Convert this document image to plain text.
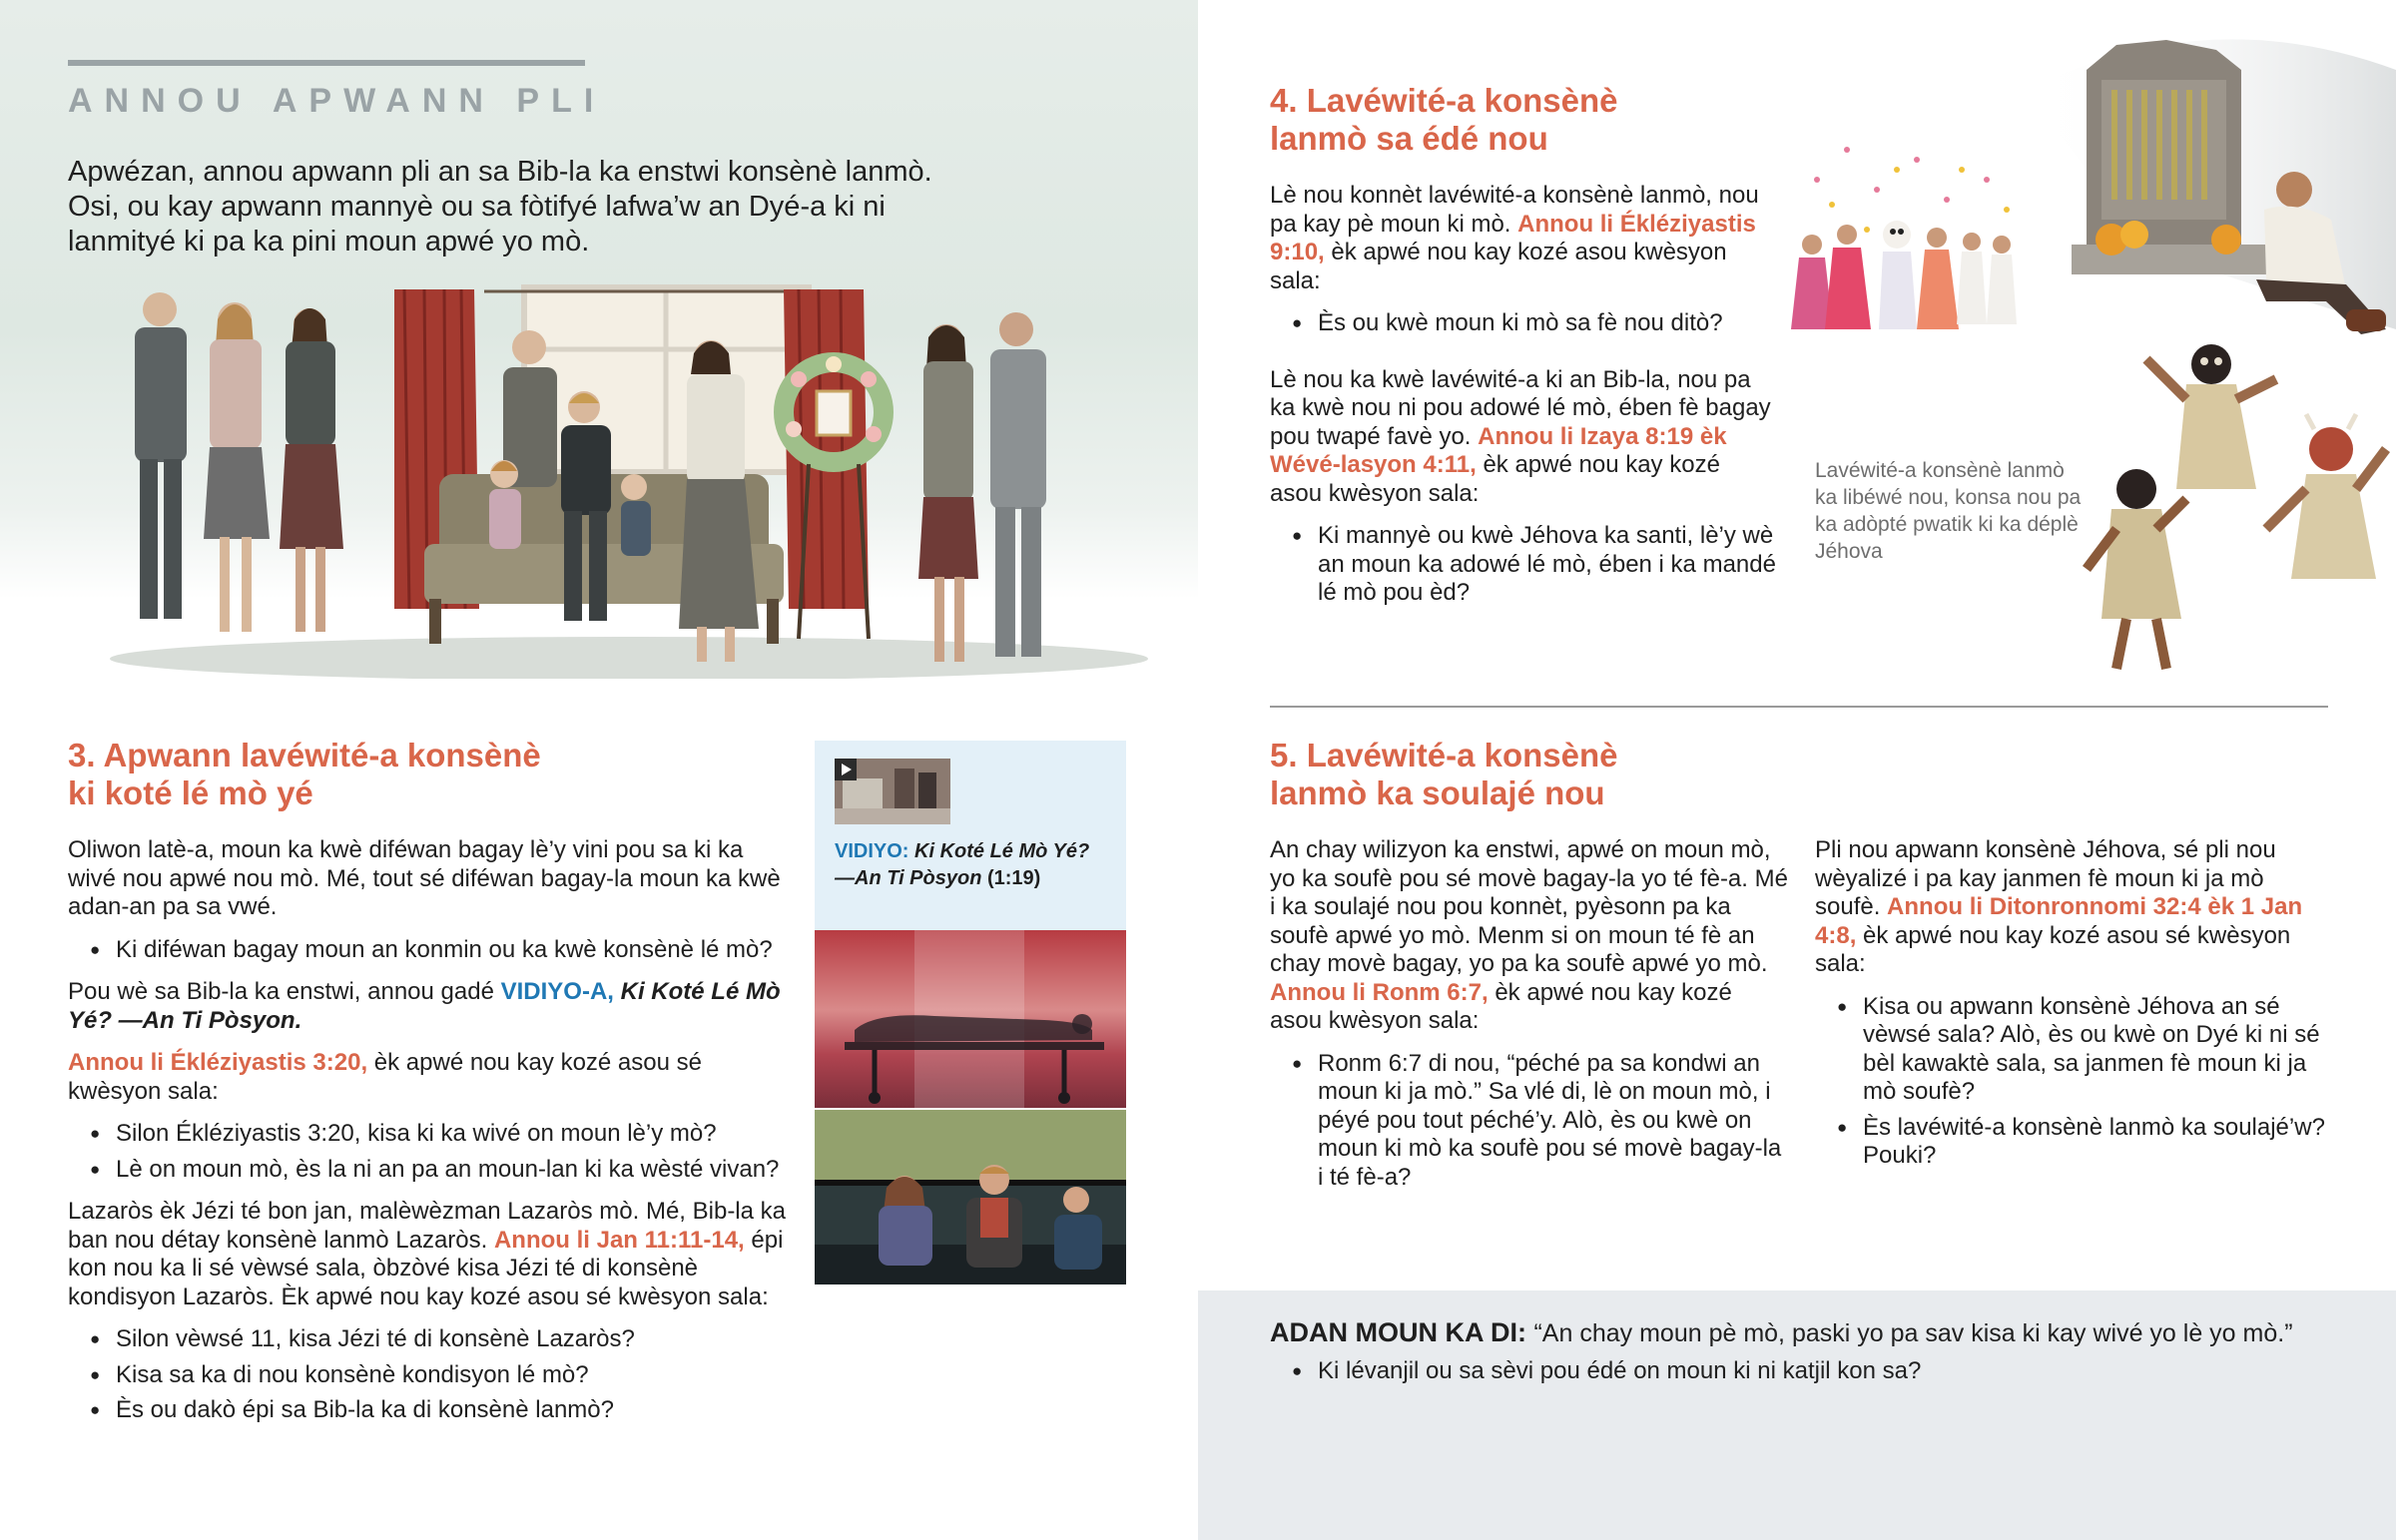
ANNOU APWANN PLI
Apwézan, annou apwann pli an sa Bib-la ka enstwi konsènè lanmò. Osi, ou kay apwann mannyè ou sa fòtifyé lafwa’w an Dyé-a ki ni lanmityé ki pa ka pini moun apwé yo mò.
3. Apwann lavéwité-a konsènè
ki koté lé mò yé

Oliwon latè-a, moun ka kwè diféwan bagay lè’y vini pou sa ki ka wivé nou apwé nou mò. Mé, tout sé diféwan bagay-la moun ka kwè adan-an pa sa vwé.

● Ki diféwan bagay moun an konmin ou ka kwè konsènè lé mò?

Pou wè sa Bib-la ka enstwi, annou gadé VIDIYO-A, Ki Koté Lé Mò Yé? —An Ti Pòsyon.

Annou li Ékléziyastis 3:20, èk apwé nou kay kozé asou sé kwèsyon sala:

● Silon Ékléziyastis 3:20, kisa ki ka wivé on moun lè’y mò?
● Lè on moun mò, ès la ni an pa an moun-lan ki ka wèsté vivan?

Lazaròs èk Jézi té bon jan, malèwèzman Lazaròs mò. Mé, Bib-la ka ban nou détay konsènè lanmò Lazaròs. Annou li Jan 11:11-14, épi kon nou ka li sé vèwsé sala, òbzòvé kisa Jézi té di konsènè kondisyon Lazaròs. Èk apwé nou kay kozé asou sé kwèsyon sala:

● Silon vèwsé 11, kisa Jézi té di konsènè Lazaròs?
● Kisa sa ka di nou konsènè kondisyon lé mò?
● Ès ou dakò épi sa Bib-la ka di konsènè lanmò?
VIDIYO: Ki Koté Lé Mò Yé?
—An Ti Pòsyon (1:19)
4. Lavéwité-a konsènè
lanmò sa édé nou

Lè nou konnèt lavéwité-a konsènè lanmò, nou pa kay pè moun ki mò. Annou li Ékléziyastis 9:10, èk apwé nou kay kozé asou kwèsyon sala:

● Ès ou kwè moun ki mò sa fè nou ditò?

Lè nou ka kwè lavéwité-a ki an Bib-la, nou pa ka kwè nou ni pou adowé lé mò, ében fè bagay pou twapé favè yo. Annou li Izaya 8:19 èk Wévé-lasyon 4:11, èk apwé nou kay kozé asou kwèsyon sala:

● Ki mannyè ou kwè Jéhova ka santi, lè’y wè an moun ka adowé lé mò, ében i ka mandé lé mò pou èd?
Lavéwité-a konsènè lanmò ka libéwé nou, konsa nou pa ka adòpté pwatik ki ka déplè Jéhova
5. Lavéwité-a konsènè
lanmò ka soulajé nou

An chay wilizyon ka enstwi, apwé on moun mò, yo ka soufè pou sé movè bagay-la yo té fè-a. Mé i ka soulajé nou pou konnèt, pyèsonn pa ka soufè apwé yo mò. Menm si on moun té fè an chay movè bagay, yo pa ka soufè apwé yo mò. Annou li Ronm 6:7, èk apwé nou kay kozé asou kwèsyon sala:

● Ronm 6:7 di nou, “péché pa sa kondwi an moun ki ja mò.” Sa vlé di, lè on moun mò, i péyé pou tout péché’y. Alò, ès ou kwè on moun ki mò ka soufè pou sé movè bagay-la i té fè-a?

Pli nou apwann konsènè Jéhova, sé pli nou wèyalizé i pa kay janmen fè moun ki ja mò soufè. Annou li Ditonronnomi 32:4 èk 1 Jan 4:8, èk apwé nou kay kozé asou sé kwèsyon sala:

● Kisa ou apwann konsènè Jéhova an sé vèwsé sala? Alò, ès ou kwè on Dyé ki ni sé bèl kawaktè sala, sa janmen fè moun ki ja mò soufè?
● Ès lavéwité-a konsènè lanmò ka soulajé’w? Pouki?

ADAN MOUN KA DI: “An chay moun pè mò, paski yo pa sav kisa ki kay wivé yo lè yo mò.”

● Ki lévanjil ou sa sèvi pou édé on moun ki ni katjil kon sa?
